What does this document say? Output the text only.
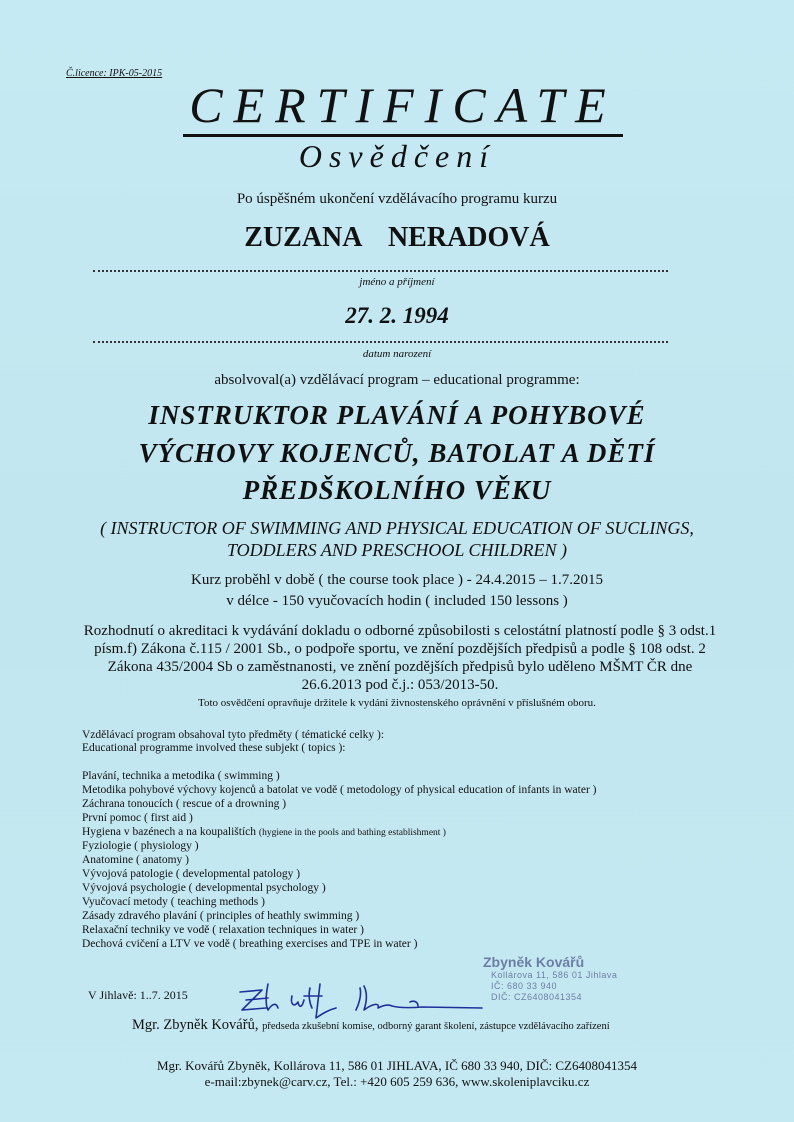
Č.licence: IPK-05-2015
CERTIFICATE
Osvědčení
Po úspěšném ukončení vzdělávacího programu kurzu
ZUZANA NERADOVÁ
jméno a příjmení
27. 2. 1994
datum narození
absolvoval(a) vzdělávací program – educational programme:
INSTRUKTOR PLAVÁNÍ A POHYBOVÉ
VÝCHOVY KOJENCŮ, BATOLAT A DĚTÍ
PŘEDŠKOLNÍHO VĚKU
( INSTRUCTOR OF SWIMMING AND PHYSICAL EDUCATION OF SUCLINGS,
TODDLERS AND PRESCHOOL CHILDREN )
Kurz proběhl v době ( the course took place ) - 24.4.2015 – 1.7.2015
v délce - 150 vyučovacích hodin ( included 150 lessons )
Rozhodnutí o akreditaci k vydávání dokladu o odborné způsobilosti s celostátní platností podle § 3 odst.1 písm.f) Zákona č.115 / 2001 Sb., o podpoře sportu, ve znění pozdějších předpisů a podle § 108 odst. 2 Zákona 435/2004 Sb o zaměstnanosti, ve znění pozdějších předpisů bylo uděleno MŠMT ČR dne 26.6.2013 pod č.j.: 053/2013-50.
Toto osvědčení opravňuje držitele k vydání živnostenského oprávnění v příslušném oboru.
Vzdělávací program obsahoval tyto předměty ( tématické celky ):
Educational programme involved these subjekt ( topics ):
Plavání, technika a metodika ( swimming )
Metodika pohybové výchovy kojenců a batolat ve vodě ( metodology of physical education of infants in water )
Záchrana tonoucích ( rescue of a drowning )
První pomoc ( first aid )
Hygiena v bazénech a na koupalištích (hygiene in the pools and bathing establishment )
Fyziologie ( physiology )
Anatomine ( anatomy )
Vývojová patologie ( developmental patology )
Vývojová psychologie ( developmental psychology )
Vyučovací metody ( teaching methods )
Zásady zdravého plavání ( principles of heathly swimming )
Relaxační techniky ve vodě ( relaxation techniques in water )
Dechová cvičení a LTV ve vodě ( breathing exercises and TPE in water )
Zbyněk Kovářů
Kollárova 11, 586 01 Jihlava
IČ: 680 33 940
DIČ: CZ6408041354
V Jihlavě: 1..7. 2015
Mgr. Zbyněk Kovářů, předseda zkušební komise, odborný garant školení, zástupce vzdělávacího zařízení
Mgr. Kovářů Zbyněk, Kollárova 11, 586 01 JIHLAVA, IČ 680 33 940, DIČ: CZ6408041354
e-mail:zbynek@carv.cz, Tel.: +420 605 259 636, www.skoleniplavciku.cz
